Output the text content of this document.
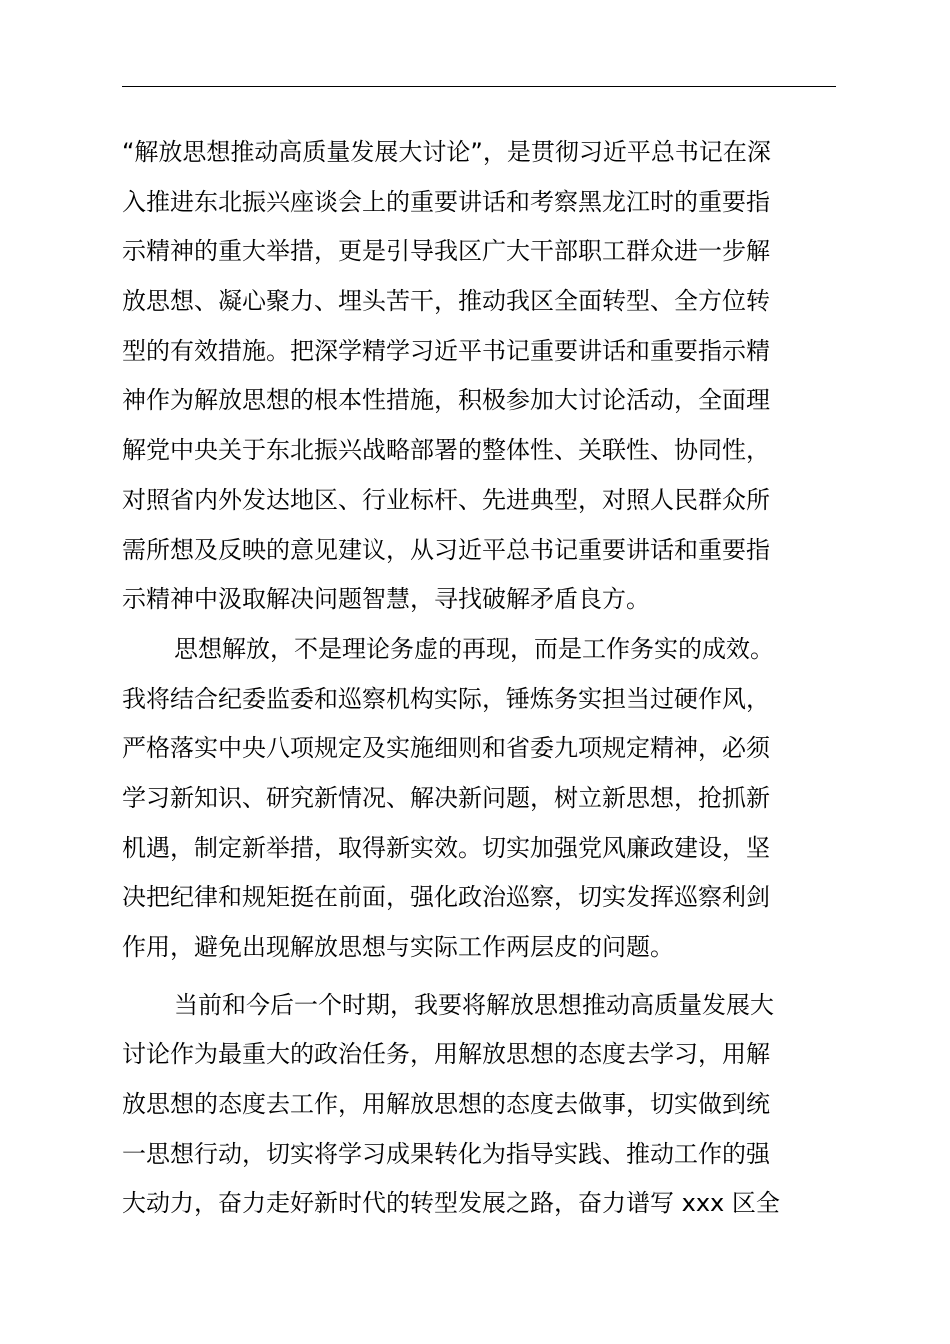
“解放思想推动高质量发展大讨论”，是贯彻习近平总书记在深
入推进东北振兴座谈会上的重要讲话和考察黑龙江时的重要指
示精神的重大举措，更是引导我区广大干部职工群众进一步解
放思想、凝心聚力、埋头苦干，推动我区全面转型、全方位转
型的有效措施。把深学精学习近平书记重要讲话和重要指示精
神作为解放思想的根本性措施，积极参加大讨论活动，全面理
解党中央关于东北振兴战略部署的整体性、关联性、协同性，
对照省内外发达地区、行业标杆、先进典型，对照人民群众所
需所想及反映的意见建议，从习近平总书记重要讲话和重要指
示精神中汲取解决问题智慧，寻找破解矛盾良方。
思想解放，不是理论务虚的再现，而是工作务实的成效。
我将结合纪委监委和巡察机构实际，锤炼务实担当过硬作风，
严格落实中央八项规定及实施细则和省委九项规定精神，必须
学习新知识、研究新情况、解决新问题，树立新思想，抢抓新
机遇，制定新举措，取得新实效。切实加强党风廉政建设，坚
决把纪律和规矩挺在前面，强化政治巡察，切实发挥巡察利剑
作用，避免出现解放思想与实际工作两层皮的问题。
当前和今后一个时期，我要将解放思想推动高质量发展大
讨论作为最重大的政治任务，用解放思想的态度去学习，用解
放思想的态度去工作，用解放思想的态度去做事，切实做到统
一思想行动，切实将学习成果转化为指导实践、推动工作的强
大动力，奋力走好新时代的转型发展之路，奋力谱写 xxx 区全
